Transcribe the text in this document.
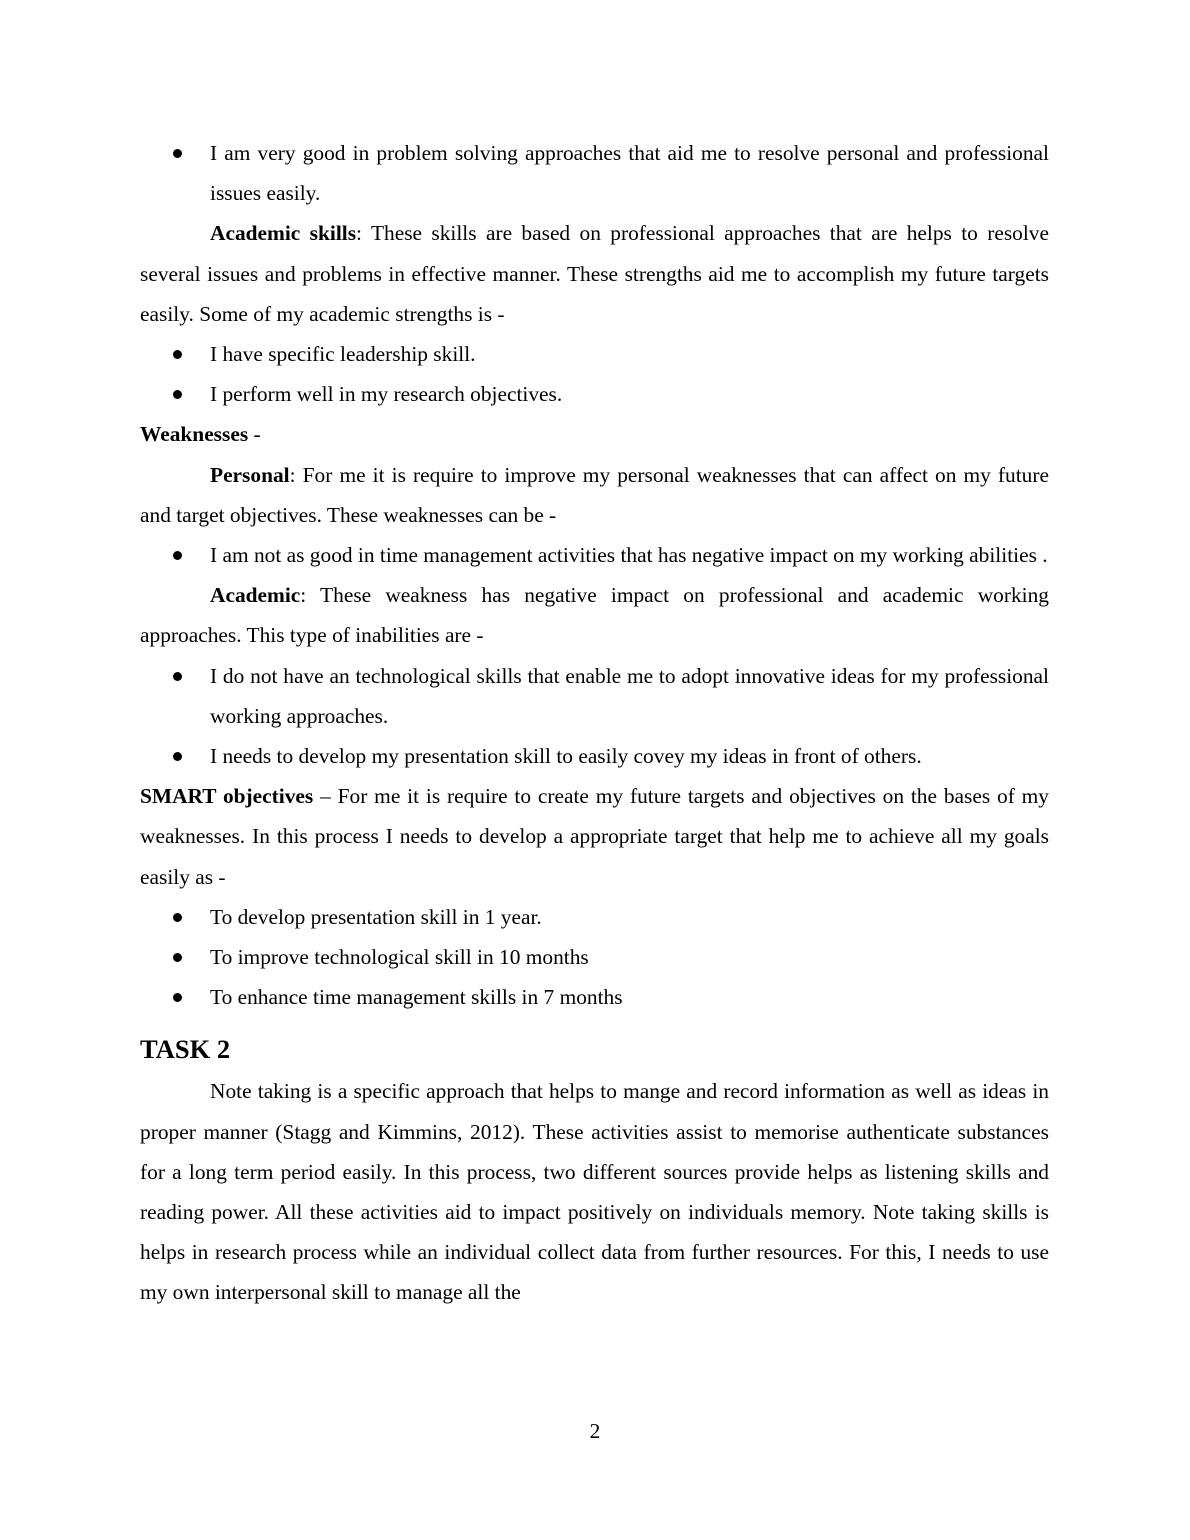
I am very good in problem solving approaches that aid me to resolve personal and professional issues easily.
Academic skills: These skills are based on professional approaches that are helps to resolve several issues and problems in effective manner. These strengths aid me to accomplish my future targets easily. Some of my academic strengths is -
I have specific leadership skill.
I perform well in my research objectives.
Weaknesses -
Personal: For me it is require to improve my personal weaknesses that can affect on my future and target objectives. These weaknesses can be -
I am not as good in time management activities that has negative impact on my working abilities .
Academic: These weakness has negative impact on professional and academic working approaches. This type of inabilities are -
I do not have an technological skills that enable me to adopt innovative ideas for my professional working approaches.
I needs to develop my presentation skill to easily covey my ideas in front of others.
SMART objectives – For me it is require to create my future targets and objectives on the bases of my weaknesses. In this process I needs to develop a appropriate target that help me to achieve all my goals easily as -
To develop presentation skill in 1 year.
To improve technological skill in 10 months
To enhance time management skills in 7 months
TASK 2
Note taking is a specific approach that helps to mange and record information as well as ideas in proper manner (Stagg and Kimmins, 2012). These activities assist to memorise authenticate substances for a long term period easily. In this process, two different sources provide helps as listening skills and reading power. All these activities aid to impact positively on individuals memory. Note taking skills is helps in research process while an individual collect data from further resources. For this, I needs to use my own interpersonal skill to manage all the
2
